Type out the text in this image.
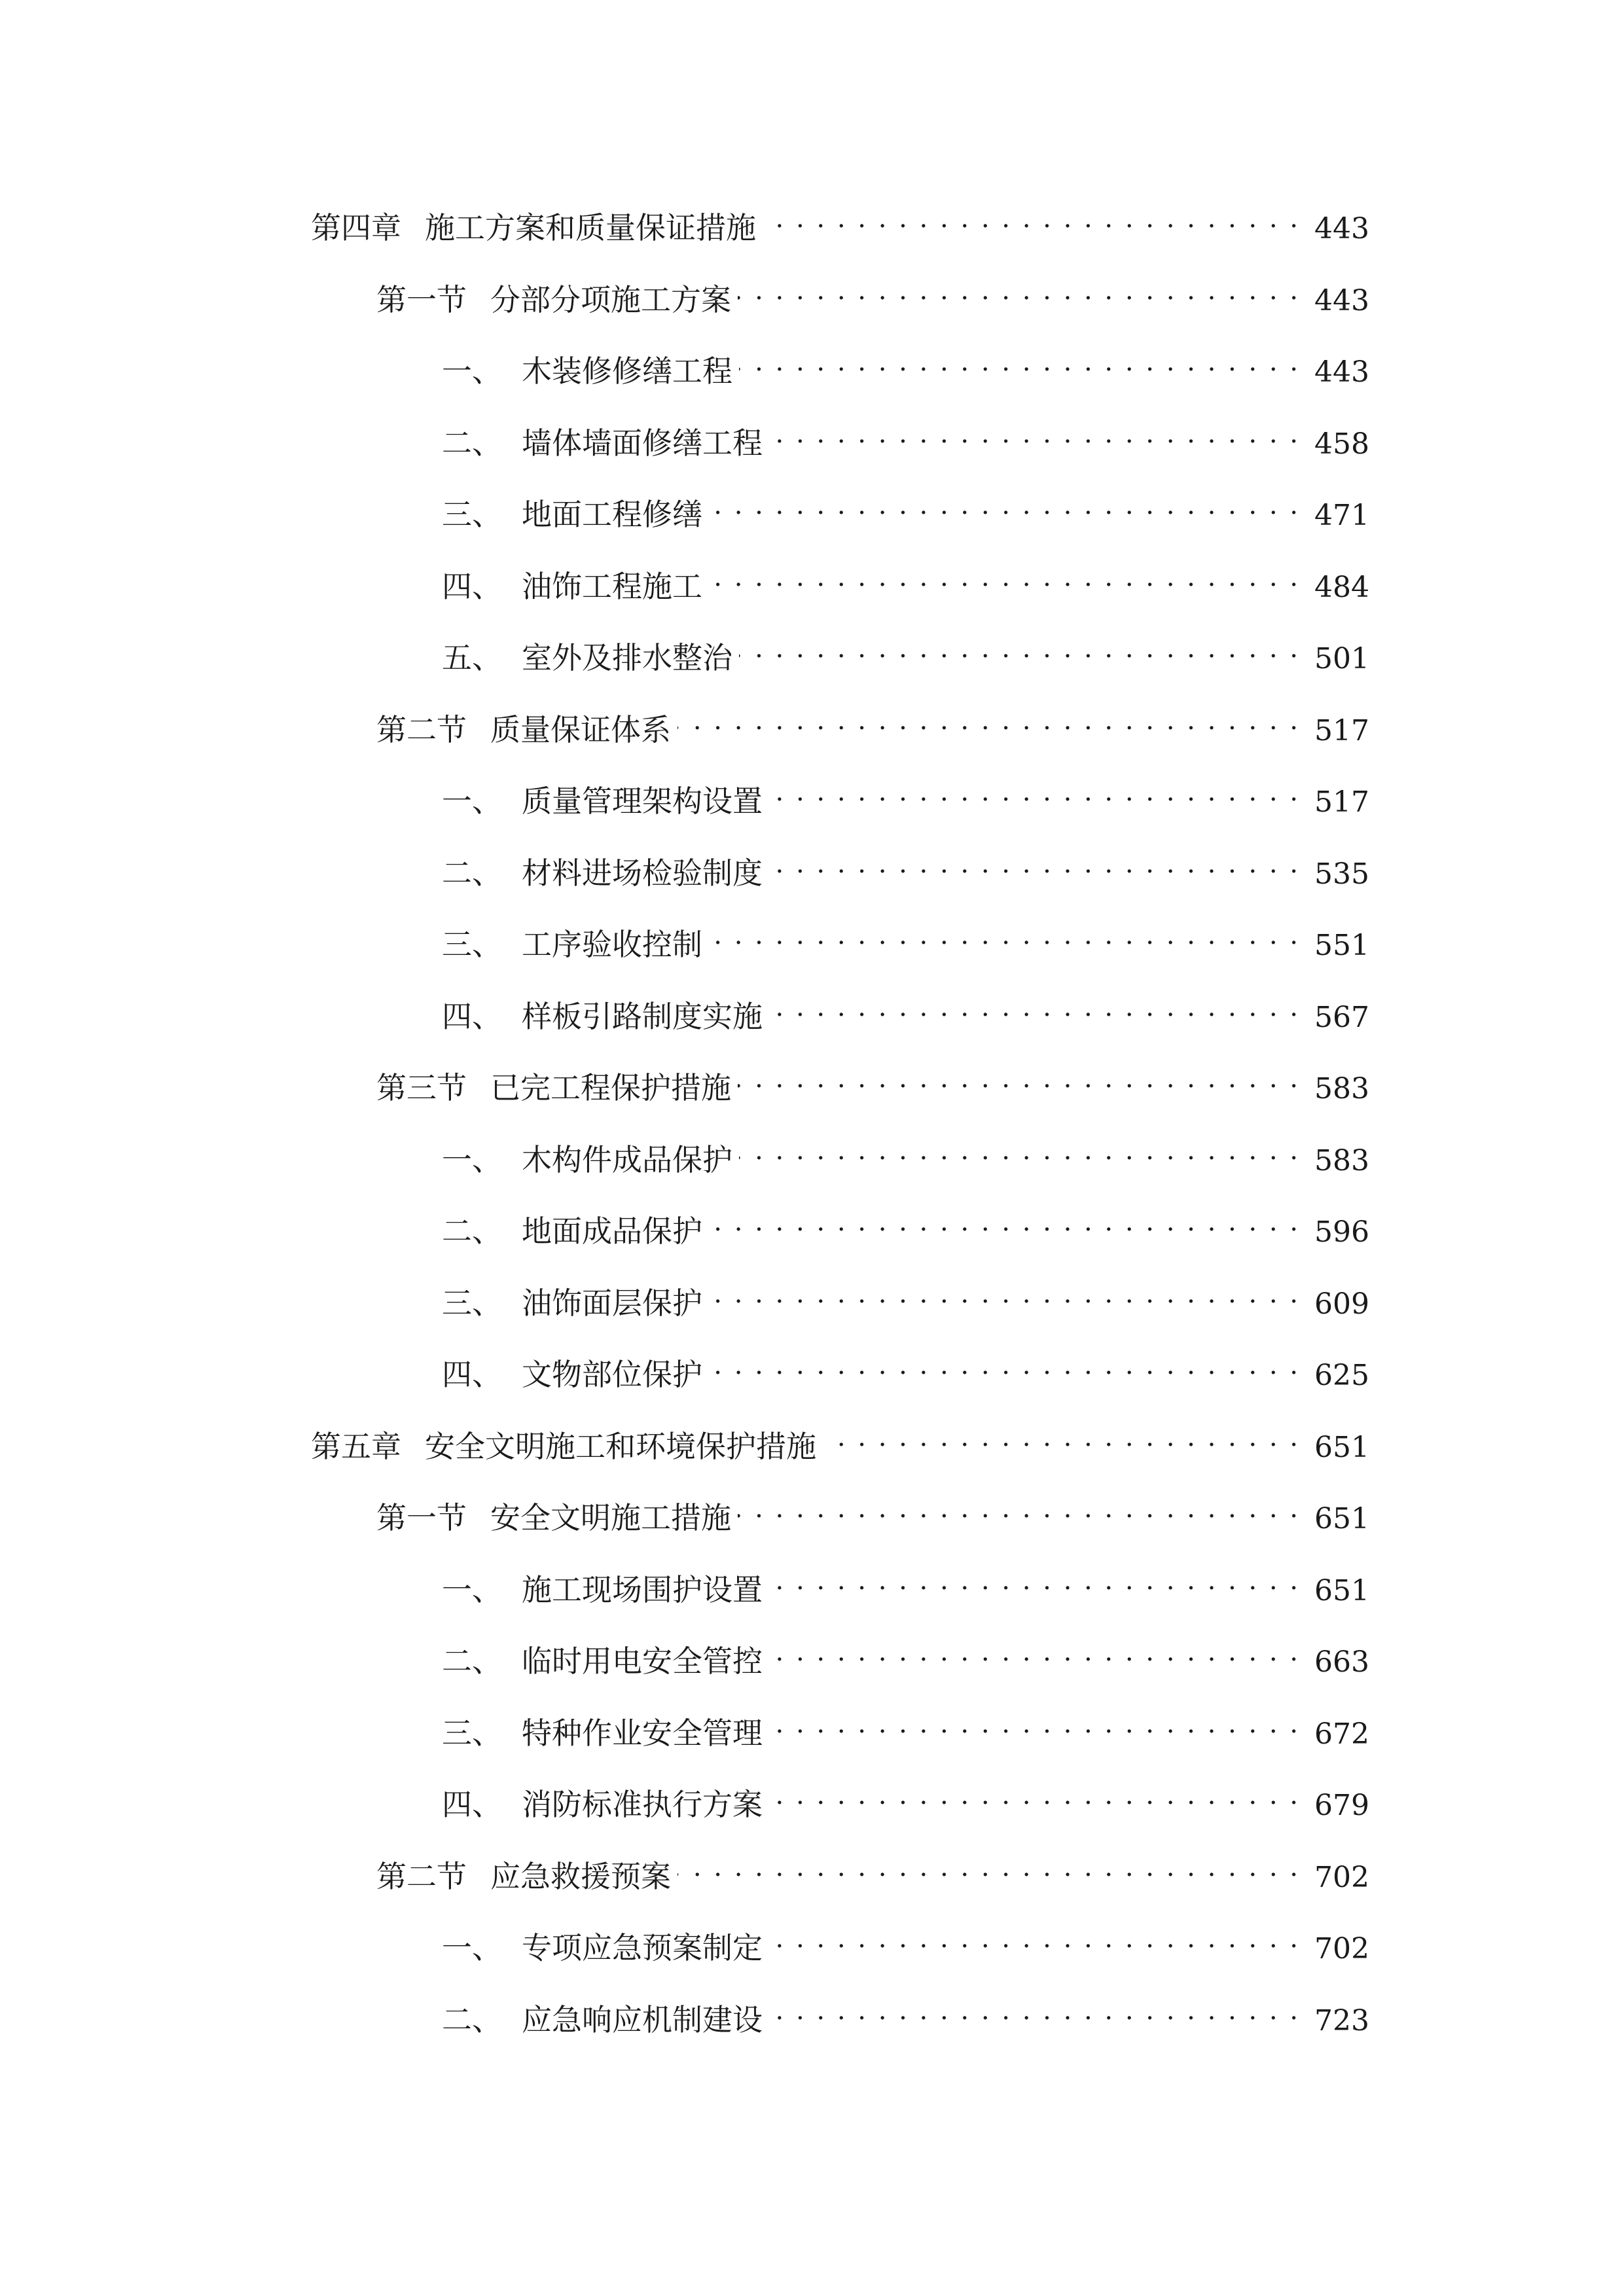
第四章 施工方案和质量保证措施 . . .	443
第一节 分部分项施工方案 . . .	443
一、 木装修修缮工程 . . .	443
二、 墙体墙面修缮工程 . . .	458
三、 地面工程修缮 . . .	471
四、 油饰工程施工 . . .	484
五、 室外及排水整治 . . .	501
第二节 质量保证体系 . . .	517
一、 质量管理架构设置 . . .	517
二、 材料进场检验制度 . . .	535
三、 工序验收控制 . . .	551
四、 样板引路制度实施 . . .	567
第三节 已完工程保护措施 . . .	583
一、 木构件成品保护 . . .	583
二、 地面成品保护 . . .	596
三、 油饰面层保护 . . .	609
四、 文物部位保护 . . .	625
第五章 安全文明施工和环境保护措施 . . .	651
第一节 安全文明施工措施 . . .	651
一、 施工现场围护设置 . . .	651
二、 临时用电安全管控 . . .	663
三、 特种作业安全管理 . . .	672
四、 消防标准执行方案 . . .	679
第二节 应急救援预案 . . .	702
一、 专项应急预案制定 . . .	702
二、 应急响应机制建设 . . .	723
